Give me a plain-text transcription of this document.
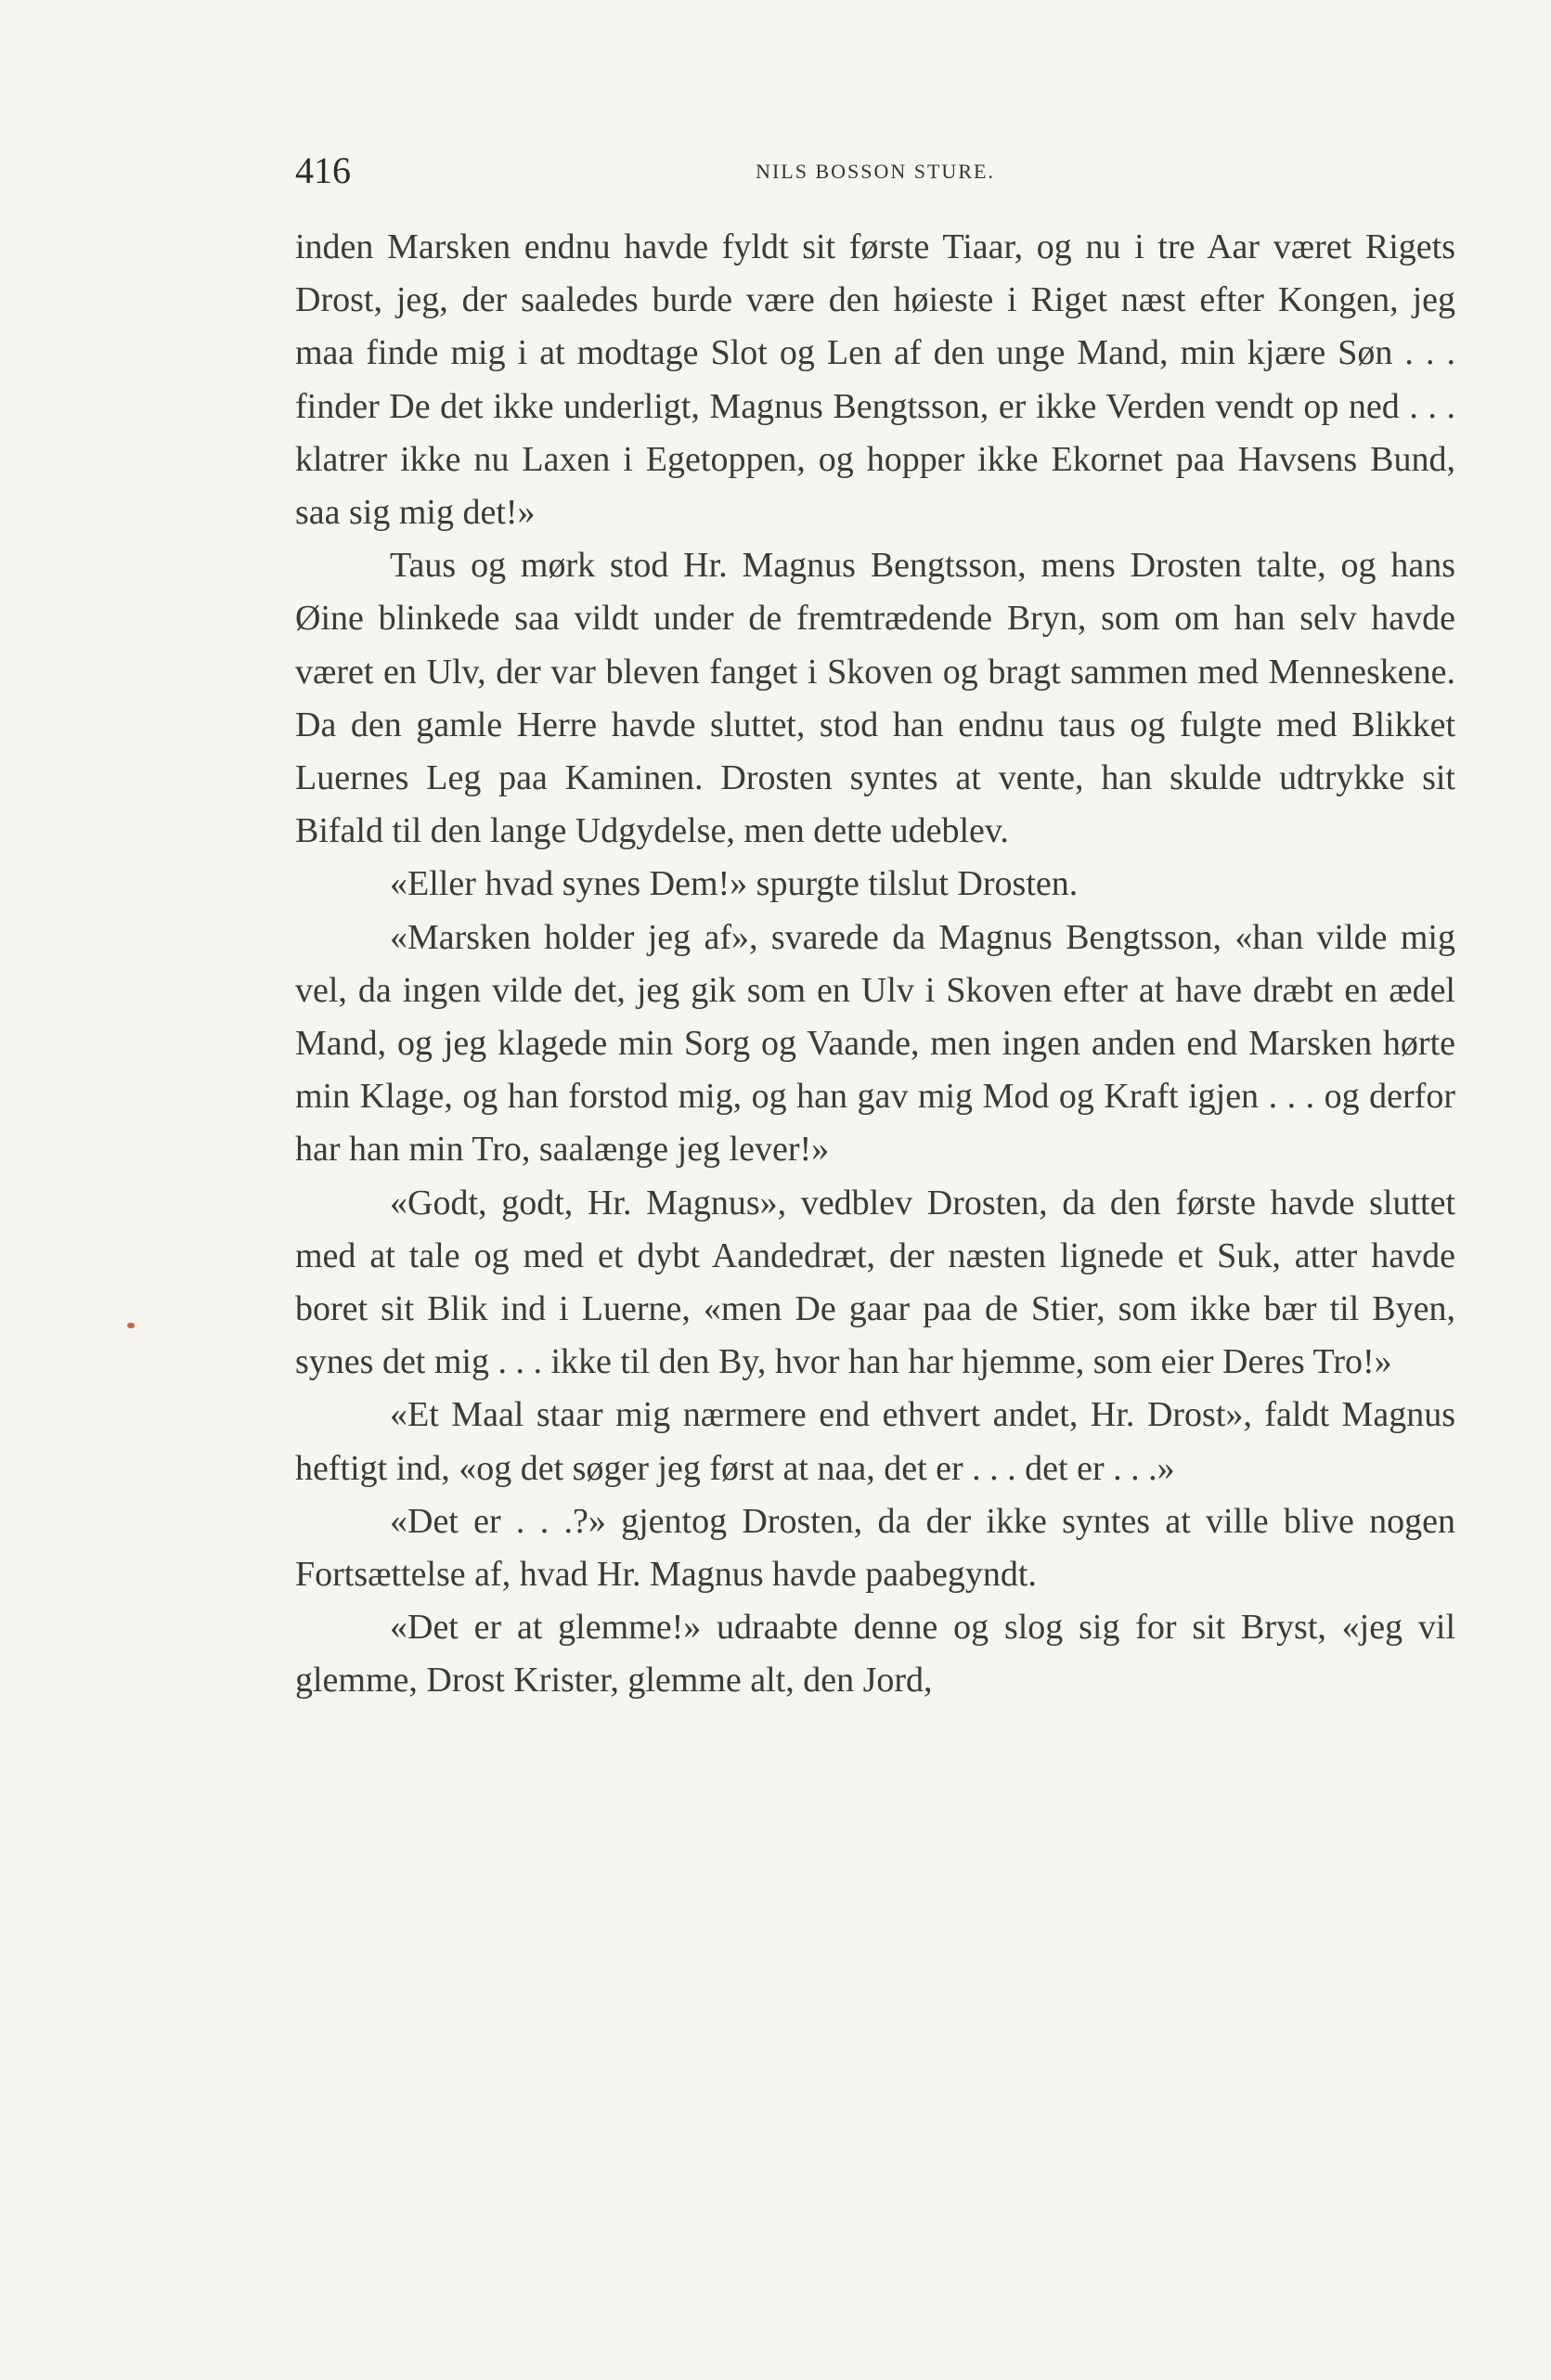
416	NILS BOSSON STURE.

inden Marsken endnu havde fyldt sit første Tiaar, og nu i tre Aar været Rigets Drost, jeg, der saaledes burde være den høieste i Riget næst efter Kongen, jeg maa finde mig i at modtage Slot og Len af den unge Mand, min kjære Søn . . . finder De det ikke underligt, Magnus Bengtsson, er ikke Verden vendt op ned . . . klatrer ikke nu Laxen i Egetoppen, og hopper ikke Ekornet paa Havsens Bund, saa sig mig det!»

Taus og mørk stod Hr. Magnus Bengtsson, mens Drosten talte, og hans Øine blinkede saa vildt under de fremtrædende Bryn, som om han selv havde været en Ulv, der var bleven fanget i Skoven og bragt sammen med Menneskene. Da den gamle Herre havde sluttet, stod han endnu taus og fulgte med Blikket Luernes Leg paa Kaminen. Drosten syntes at vente, han skulde udtrykke sit Bifald til den lange Udgydelse, men dette udeblev.

«Eller hvad synes Dem!» spurgte tilslut Drosten.

«Marsken holder jeg af», svarede da Magnus Bengtsson, «han vilde mig vel, da ingen vilde det, jeg gik som en Ulv i Skoven efter at have dræbt en ædel Mand, og jeg klagede min Sorg og Vaande, men ingen anden end Marsken hørte min Klage, og han forstod mig, og han gav mig Mod og Kraft igjen . . . og derfor har han min Tro, saalænge jeg lever!»

«Godt, godt, Hr. Magnus», vedblev Drosten, da den første havde sluttet med at tale og med et dybt Aandedræt, der næsten lignede et Suk, atter havde boret sit Blik ind i Luerne, «men De gaar paa de Stier, som ikke bær til Byen, synes det mig . . . ikke til den By, hvor han har hjemme, som eier Deres Tro!»

«Et Maal staar mig nærmere end ethvert andet, Hr. Drost», faldt Magnus heftigt ind, «og det søger jeg først at naa, det er . . . det er . . .»

«Det er . . .?» gjentog Drosten, da der ikke syntes at ville blive nogen Fortsættelse af, hvad Hr. Magnus havde paabegyndt.

«Det er at glemme!» udraabte denne og slog sig for sit Bryst, «jeg vil glemme, Drost Krister, glemme alt, den Jord,
